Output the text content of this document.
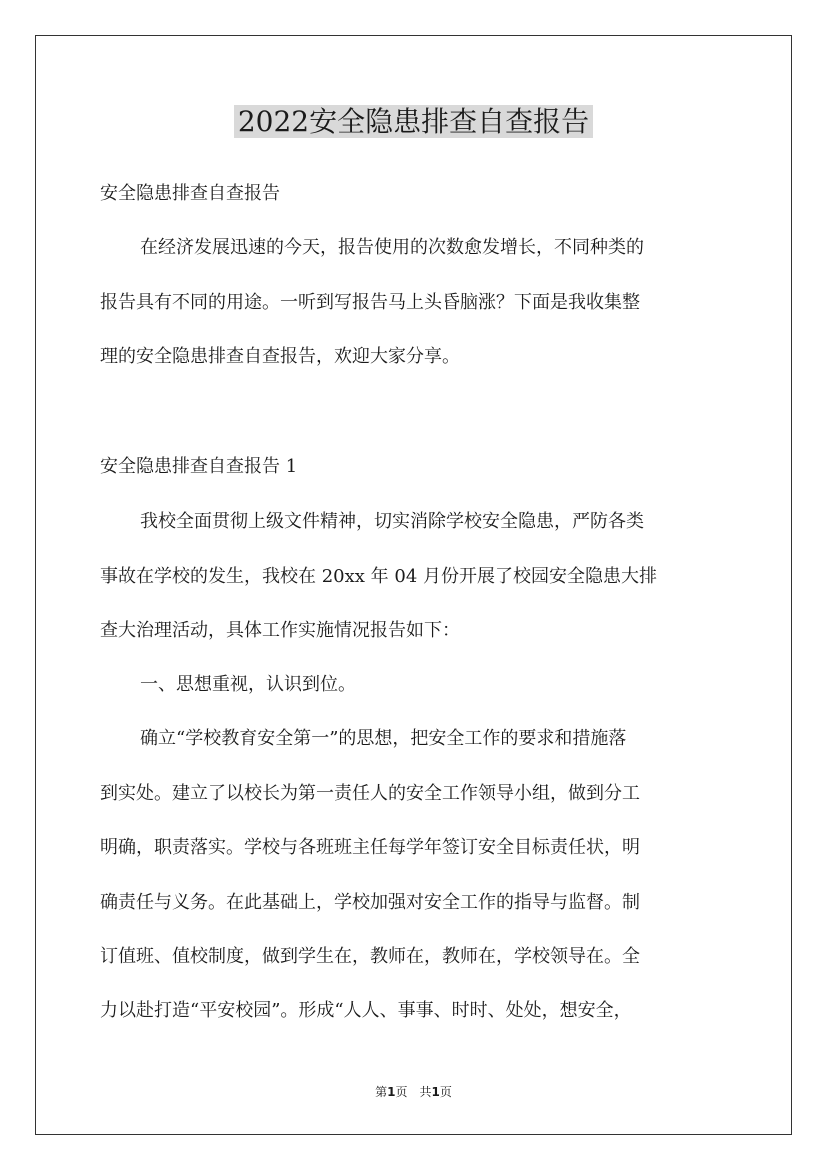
2022安全隐患排查自查报告
安全隐患排查自查报告
在经济发展迅速的今天，报告使用的次数愈发增长，不同种类的
报告具有不同的用途。一听到写报告马上头昏脑涨？下面是我收集整
理的安全隐患排查自查报告，欢迎大家分享。
安全隐患排查自查报告 1
我校全面贯彻上级文件精神，切实消除学校安全隐患，严防各类
事故在学校的发生，我校在 20xx 年 04 月份开展了校园安全隐患大排
查大治理活动，具体工作实施情况报告如下：
一、思想重视，认识到位。
确立“学校教育安全第一”的思想，把安全工作的要求和措施落
到实处。建立了以校长为第一责任人的安全工作领导小组，做到分工
明确，职责落实。学校与各班班主任每学年签订安全目标责任状，明
确责任与义务。在此基础上，学校加强对安全工作的指导与监督。制
订值班、值校制度，做到学生在，教师在，教师在，学校领导在。全
力以赴打造“平安校园”。形成“人人、事事、时时、处处，想安全，
第1页　共1页
